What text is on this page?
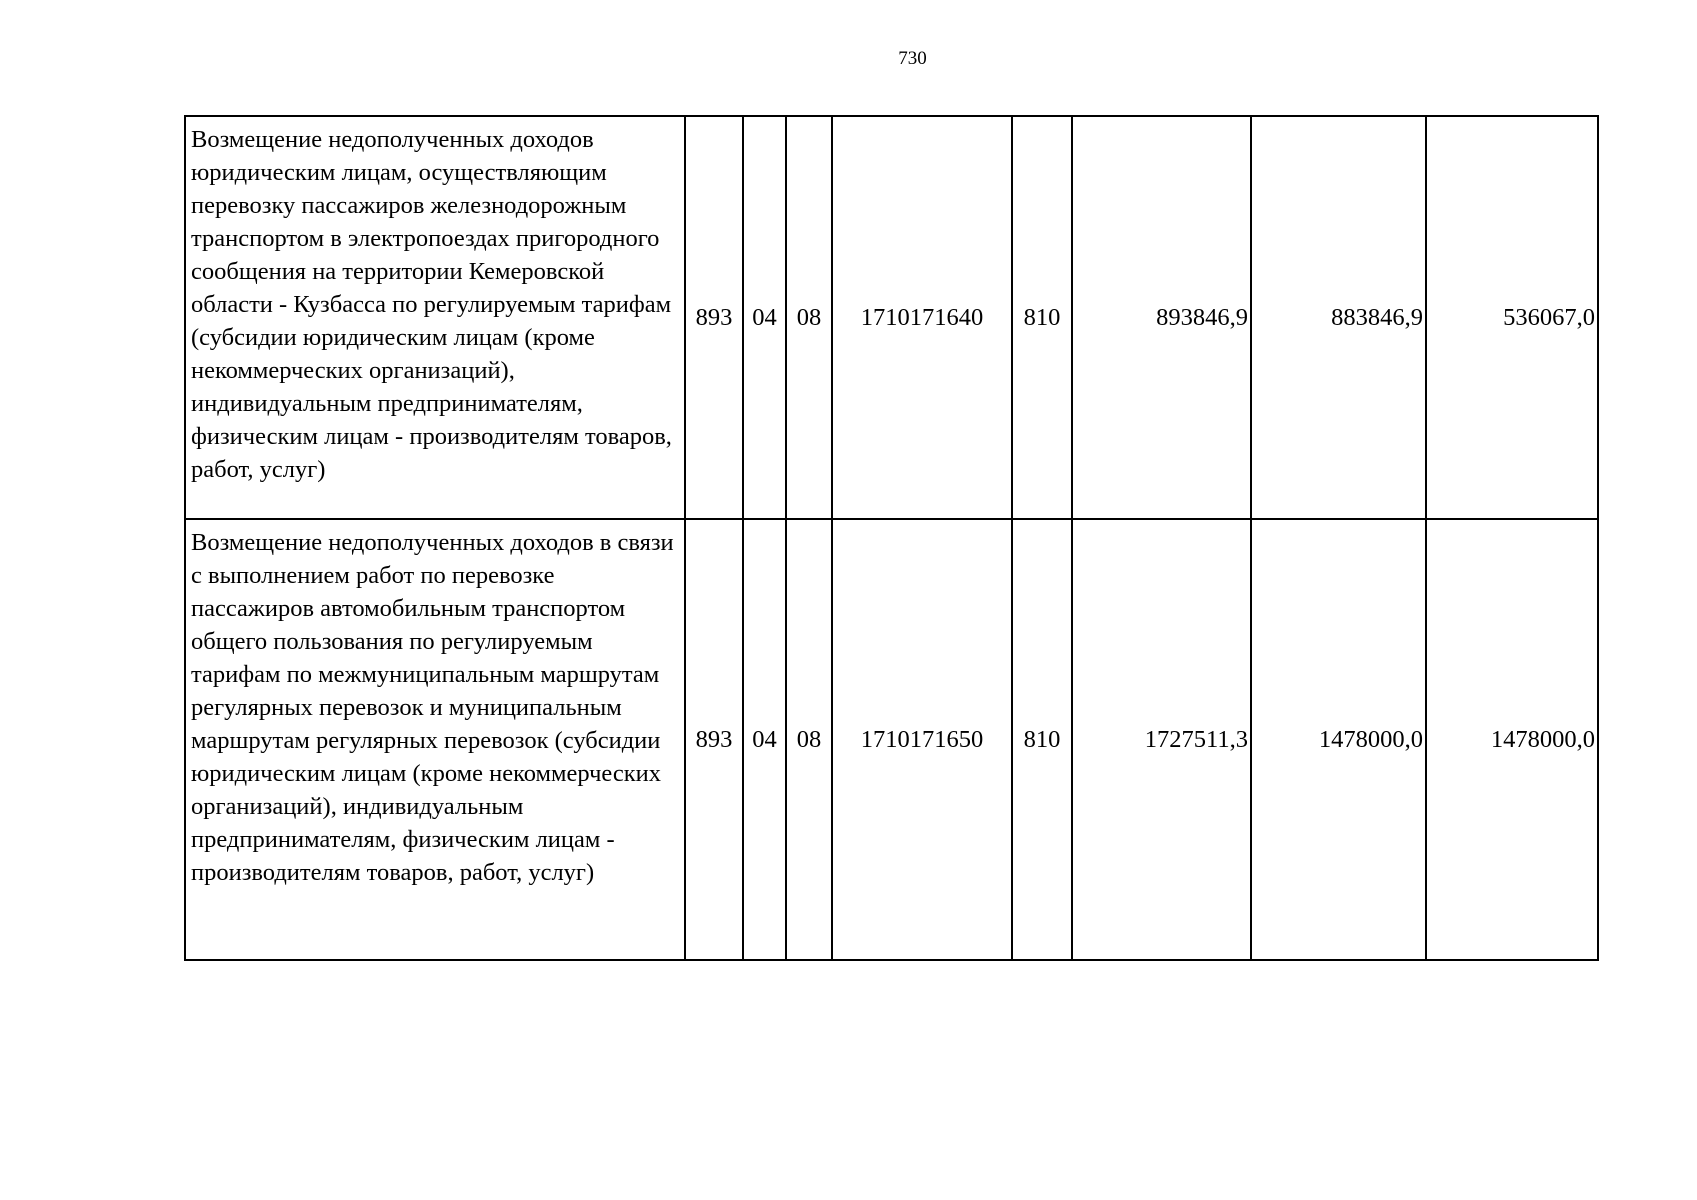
730
Возмещение недополученных доходов юридическим лицам, осуществляющим перевозку пассажиров железнодорожным транспортом в электропоездах пригородного сообщения на территории Кемеровской области - Кузбасса по регулируемым тарифам (субсидии юридическим лицам (кроме некоммерческих организаций), индивидуальным предпринимателям, физическим лицам - производителям товаров, работ, услуг)	893	04	08	1710171640	810	893846,9	883846,9	536067,0
Возмещение недополученных доходов в связи с выполнением работ по перевозке пассажиров автомобильным транспортом общего пользования по регулируемым тарифам по межмуниципальным маршрутам регулярных перевозок и муниципальным маршрутам регулярных перевозок (субсидии юридическим лицам (кроме некоммерческих организаций), индивидуальным предпринимателям, физическим лицам - производителям товаров, работ, услуг)	893	04	08	1710171650	810	1727511,3	1478000,0	1478000,0
